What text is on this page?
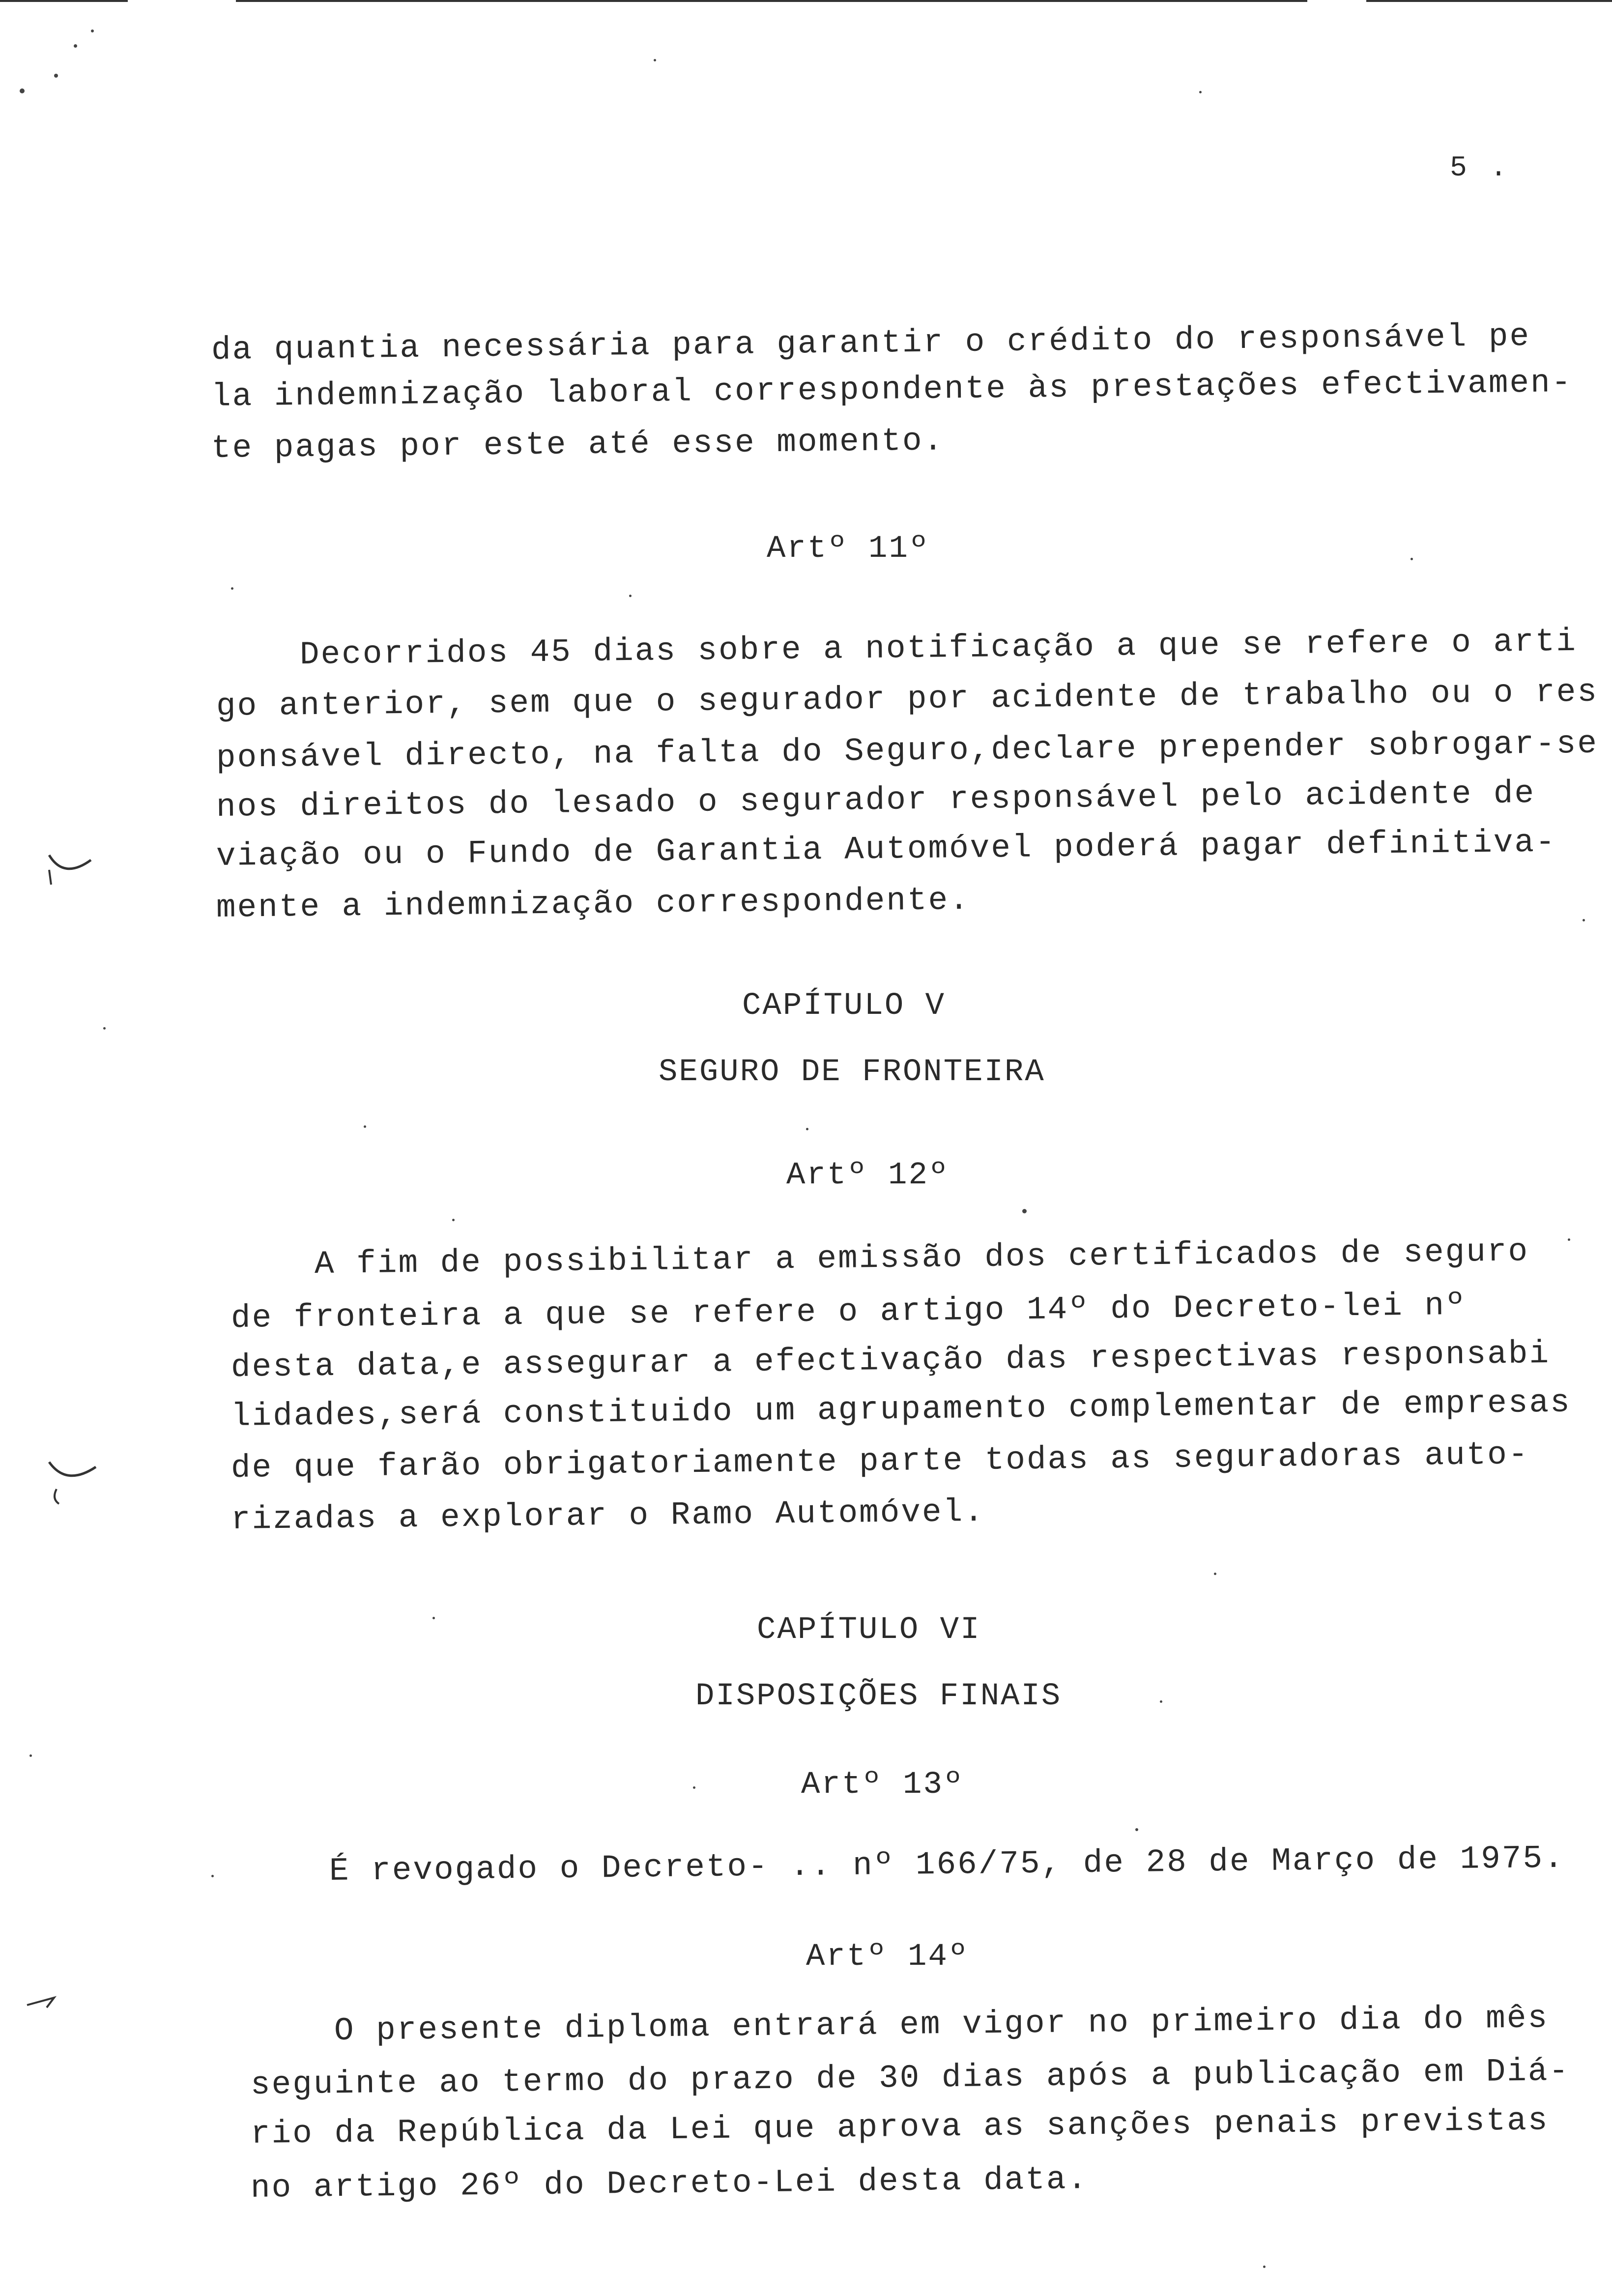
5 .
da quantia necessária para garantir o crédito do responsável pe
la indemnização laboral correspondente às prestações efectivamen-
te pagas por este até esse momento.
Artº 11º
Decorridos 45 dias sobre a notificação a que se refere o arti
go anterior, sem que o segurador por acidente de trabalho ou o res
ponsável directo, na falta do Seguro,declare prepender sobrogar-se
nos direitos do lesado o segurador responsável pelo acidente de
viação ou o Fundo de Garantia Automóvel poderá pagar definitiva-
mente a indemnização correspondente.
CAPÍTULO V
SEGURO DE FRONTEIRA
Artº 12º
A fim de possibilitar a emissão dos certificados de seguro
de fronteira a que se refere o artigo 14º do Decreto-lei nº
desta data,e assegurar a efectivação das respectivas responsabi
lidades,será constituido um agrupamento complementar de empresas
de que farão obrigatoriamente parte todas as seguradoras auto-
rizadas a explorar o Ramo Automóvel.
CAPÍTULO VI
DISPOSIÇÕES FINAIS
Artº 13º
É revogado o Decreto- .. nº 166/75, de 28 de Março de 1975.
Artº 14º
O presente diploma entrará em vigor no primeiro dia do mês
seguinte ao termo do prazo de 30 dias após a publicação em Diá-
rio da República da Lei que aprova as sanções penais previstas
no artigo 26º do Decreto-Lei desta data.
